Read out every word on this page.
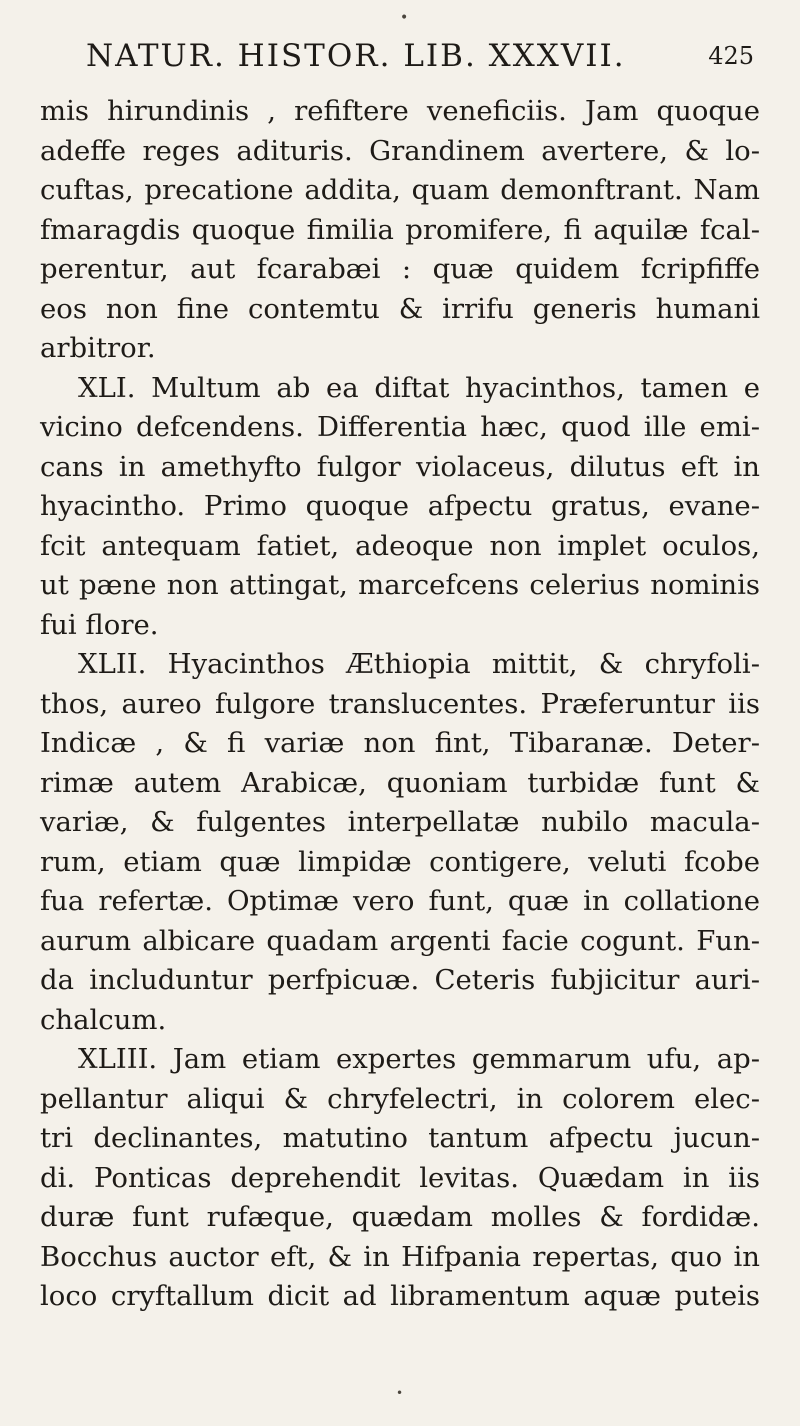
•
NATUR. HISTOR. LIB. XXXVII.	425
mis hirundinis , refiftere veneficiis. Jam quoque
adeffe reges adituris. Grandinem avertere, & lo-
cuftas, precatione addita, quam demonftrant. Nam
fmaragdis quoque fimilia promifere, fi aquilæ fcal-
perentur, aut fcarabæi : quæ quidem fcripfiffe
eos non fine contemtu & irrifu generis humani
arbitror.
XLI. Multum ab ea diftat hyacinthos, tamen e
vicino defcendens. Differentia hæc, quod ille emi-
cans in amethyfto fulgor violaceus, dilutus eft in
hyacintho. Primo quoque afpectu gratus, evane-
fcit antequam fatiet, adeoque non implet oculos,
ut pæne non attingat, marcefcens celerius nominis
fui flore.
XLII. Hyacinthos Æthiopia mittit, & chryfoli-
thos, aureo fulgore translucentes. Præferuntur iis
Indicæ , & fi variæ non fint, Tibaranæ. Deter-
rimæ autem Arabicæ, quoniam turbidæ funt &
variæ, & fulgentes interpellatæ nubilo macula-
rum, etiam quæ limpidæ contigere, veluti fcobe
fua refertæ. Optimæ vero funt, quæ in collatione
aurum albicare quadam argenti facie cogunt. Fun-
da includuntur perfpicuæ. Ceteris fubjicitur auri-
chalcum.
XLIII. Jam etiam expertes gemmarum ufu, ap-
pellantur aliqui & chryfelectri, in colorem elec-
tri declinantes, matutino tantum afpectu jucun-
di. Ponticas deprehendit levitas. Quædam in iis
duræ funt rufæque, quædam molles & fordidæ.
Bocchus auctor eft, & in Hifpania repertas, quo in
loco cryftallum dicit ad libramentum aquæ puteis
•
